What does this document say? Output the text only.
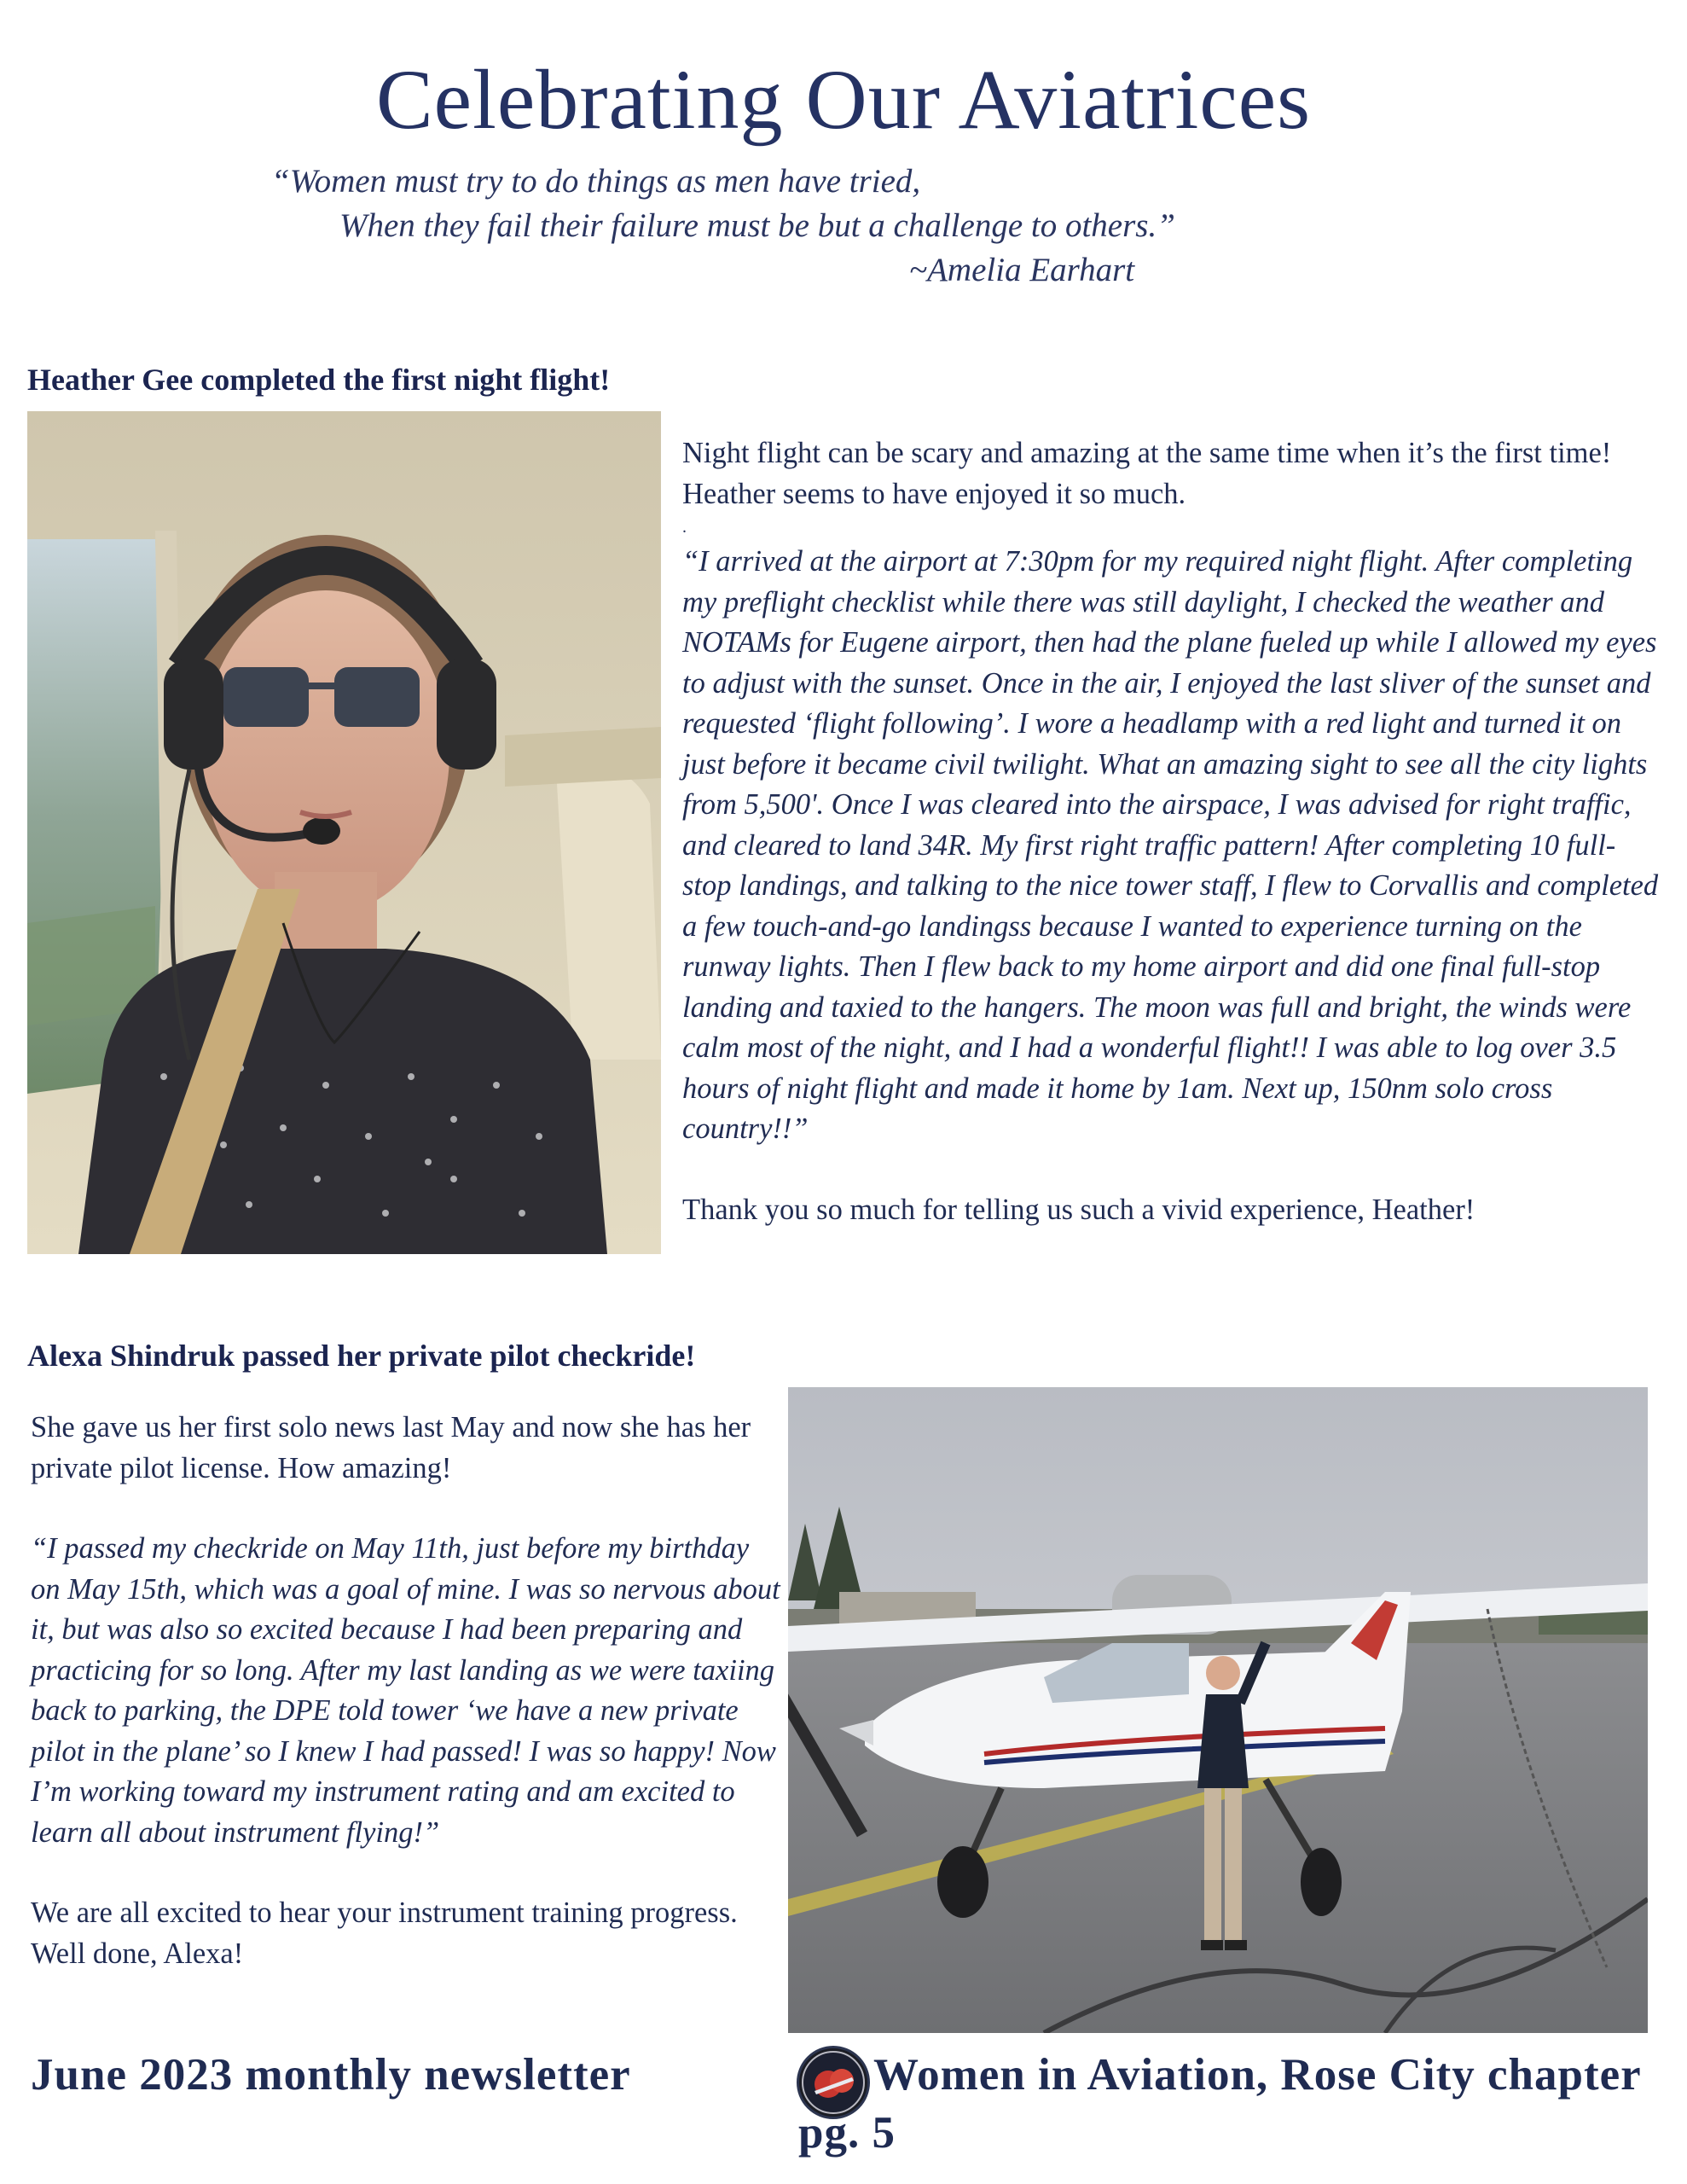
Celebrating Our Aviatrices
“Women must try to do things as men have tried,
When they fail their failure must be but a challenge to others.”
~Amelia Earhart
Heather Gee completed the first night flight!

Night flight can be scary and amazing at the same time when it’s the first time! Heather seems to have enjoyed it so much.

.

“I arrived at the airport at 7:30pm for my required night flight. After completing my preflight checklist while there was still daylight, I checked the weather and NOTAMs for Eugene airport, then had the plane fueled up while I allowed my eyes to adjust with the sunset. Once in the air, I enjoyed the last sliver of the sunset and requested ‘flight following’. I wore a headlamp with a red light and turned it on just before it became civil twilight. What an amazing sight to see all the city lights from 5,500'. Once I was cleared into the airspace, I was advised for right traffic, and cleared to land 34R. My first right traffic pattern! After completing 10 full-stop landings, and talking to the nice tower staff, I flew to Corvallis and completed a few touch-and-go landingss because I wanted to experience turning on the runway lights. Then I flew back to my home airport and did one final full-stop landing and taxied to the hangers. The moon was full and bright, the winds were calm most of the night, and I had a wonderful flight!! I was able to log over 3.5 hours of night flight and made it home by 1am. Next up, 150nm solo cross country!!”

Thank you so much for telling us such a vivid experience, Heather!

Alexa Shindruk passed her private pilot checkride!

She gave us her first solo news last May and now she has her private pilot license. How amazing!

“I passed my checkride on May 11th, just before my birthday on May 15th, which was a goal of mine. I was so nervous about it, but was also so excited because I had been preparing and practicing for so long. After my last landing as we were taxiing back to parking, the DPE told tower ‘we have a new private pilot in the plane’ so I knew I had passed! I was so happy! Now I’m working toward my instrument rating and am excited to learn all about instrument flying!”

We are all excited to hear your instrument training progress. Well done, Alexa!

June 2023 monthly newsletter	Women in Aviation, Rose City chapter
pg. 5
